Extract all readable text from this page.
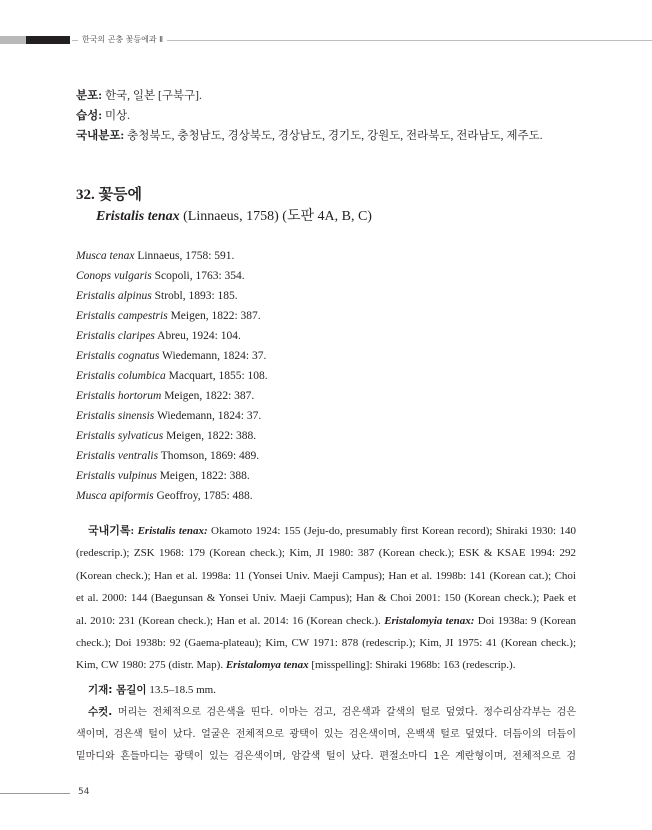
한국의 곤충 꽃등에과 Ⅱ
분포: 한국, 일본 [구북구].
습성: 미상.
국내분포: 충청북도, 충청남도, 경상북도, 경상남도, 경기도, 강원도, 전라북도, 전라남도, 제주도.
32. 꽃등에
Eristalis tenax (Linnaeus, 1758) (도판 4A, B, C)
Musca tenax Linnaeus, 1758: 591.
Conops vulgaris Scopoli, 1763: 354.
Eristalis alpinus Strobl, 1893: 185.
Eristalis campestris Meigen, 1822: 387.
Eristalis claripes Abreu, 1924: 104.
Eristalis cognatus Wiedemann, 1824: 37.
Eristalis columbica Macquart, 1855: 108.
Eristalis hortorum Meigen, 1822: 387.
Eristalis sinensis Wiedemann, 1824: 37.
Eristalis sylvaticus Meigen, 1822: 388.
Eristalis ventralis Thomson, 1869: 489.
Eristalis vulpinus Meigen, 1822: 388.
Musca apiformis Geoffroy, 1785: 488.
국내기록: Eristalis tenax: Okamoto 1924: 155 (Jeju-do, presumably first Korean record); Shiraki 1930: 140
(redescrip.); ZSK 1968: 179 (Korean check.); Kim, JI 1980: 387 (Korean check.); ESK & KSAE 1994: 292
(Korean check.); Han et al. 1998a: 11 (Yonsei Univ. Maeji Campus); Han et al. 1998b: 141 (Korean cat.); Choi
et al. 2000: 144 (Baegunsan & Yonsei Univ. Maeji Campus); Han & Choi 2001: 150 (Korean check.); Paek et
al. 2010: 231 (Korean check.); Han et al. 2014: 16 (Korean check.). Eristalomyia tenax: Doi 1938a: 9 (Korean
check.); Doi 1938b: 92 (Gaema-plateau); Kim, CW 1971: 878 (redescrip.); Kim, JI 1975: 41 (Korean check.);
Kim, CW 1980: 275 (distr. Map). Eristalomya tenax [misspelling]: Shiraki 1968b: 163 (redescrip.).
기재: 몸길이 13.5–18.5 mm.
수컷. 머리는 전체적으로 검은색을 띤다. 이마는 검고, 검은색과 갈색의 털로 덮였다. 정수리삼각부는 검은
색이며, 검은색 털이 났다. 얼굴은 전체적으로 광택이 있는 검은색이며, 은백색 털로 덮였다. 더듬이의 더듬이
밑마디와 흔들마디는 광택이 있는 검은색이며, 암갈색 털이 났다. 편절소마디 1은 계란형이며, 전체적으로 검
54
